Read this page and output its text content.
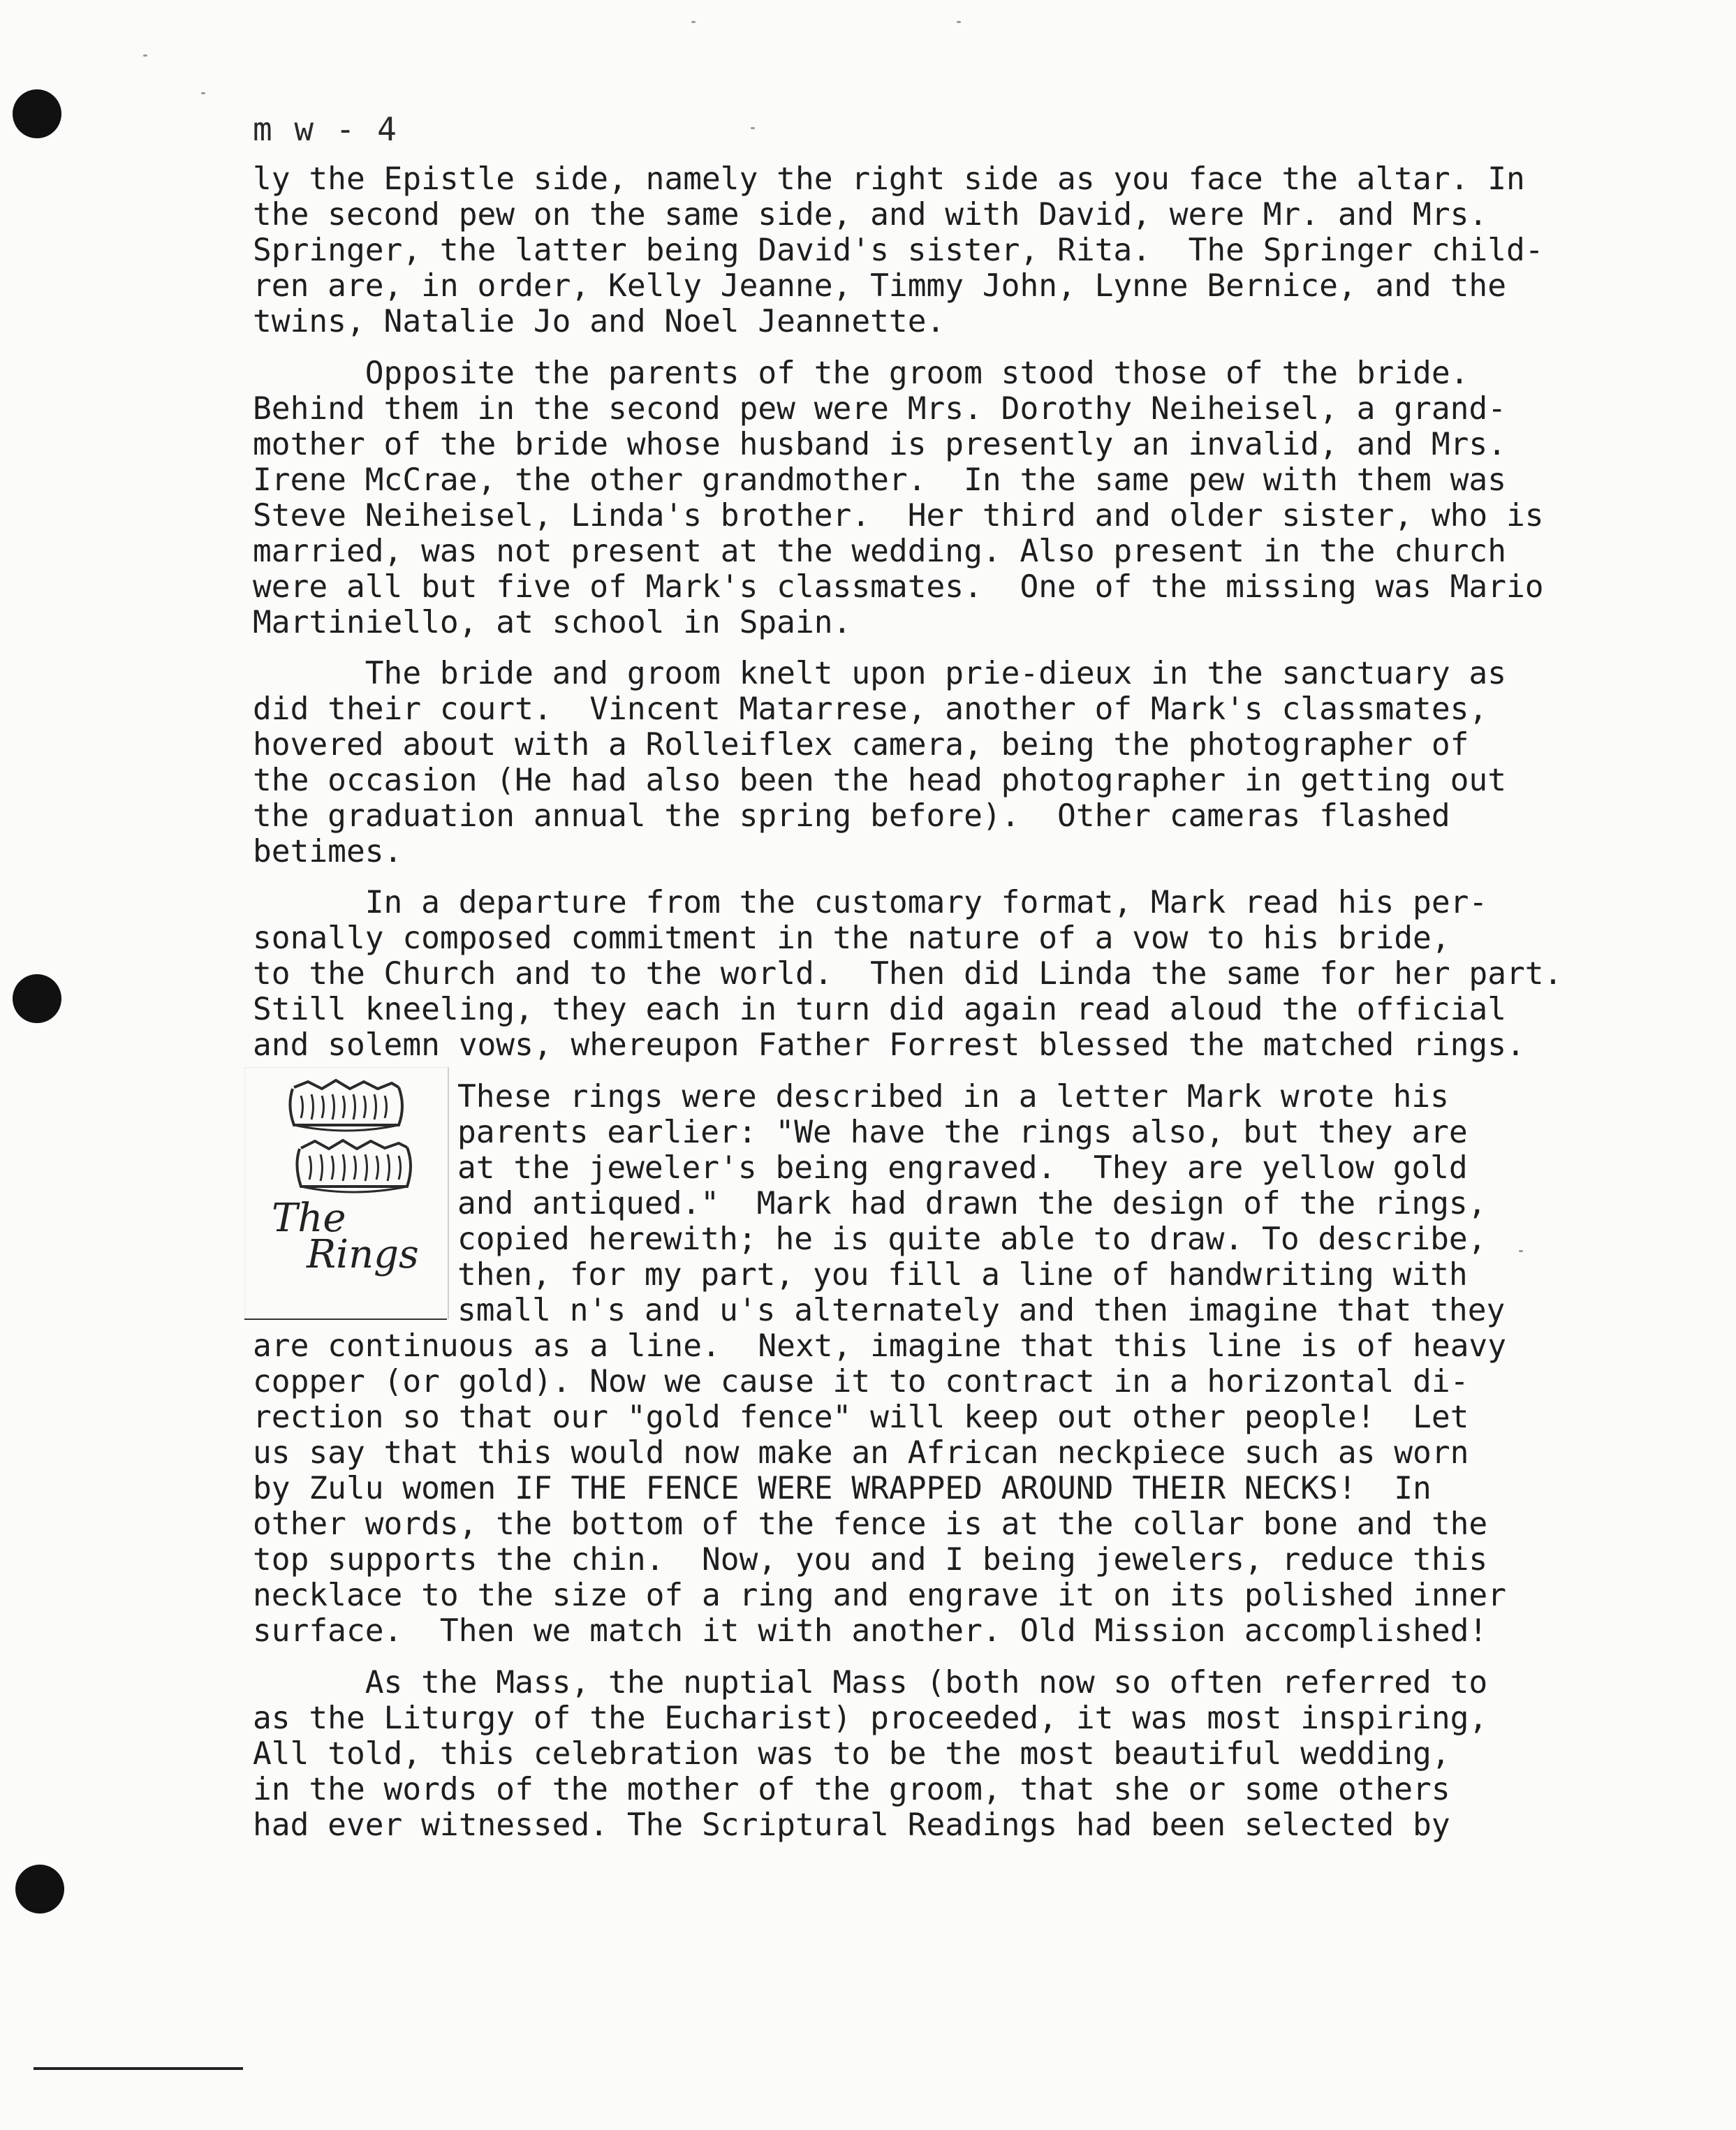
m w - 4
ly the Epistle side, namely the right side as you face the altar. In
the second pew on the same side, and with David, were Mr. and Mrs.
Springer, the latter being David's sister, Rita.  The Springer child-
ren are, in order, Kelly Jeanne, Timmy John, Lynne Bernice, and the
twins, Natalie Jo and Noel Jeannette.
Opposite the parents of the groom stood those of the bride.
Behind them in the second pew were Mrs. Dorothy Neiheisel, a grand-
mother of the bride whose husband is presently an invalid, and Mrs.
Irene McCrae, the other grandmother.  In the same pew with them was
Steve Neiheisel, Linda's brother.  Her third and older sister, who is
married, was not present at the wedding. Also present in the church
were all but five of Mark's classmates.  One of the missing was Mario
Martiniello, at school in Spain.
The bride and groom knelt upon prie-dieux in the sanctuary as
did their court.  Vincent Matarrese, another of Mark's classmates,
hovered about with a Rolleiflex camera, being the photographer of
the occasion (He had also been the head photographer in getting out
the graduation annual the spring before).  Other cameras flashed
betimes.
In a departure from the customary format, Mark read his per-
sonally composed commitment in the nature of a vow to his bride,
to the Church and to the world.  Then did Linda the same for her part.
Still kneeling, they each in turn did again read aloud the official
and solemn vows, whereupon Father Forrest blessed the matched rings.
The
Rings
These rings were described in a letter Mark wrote his
parents earlier: "We have the rings also, but they are
at the jeweler's being engraved.  They are yellow gold
and antiqued."  Mark had drawn the design of the rings,
copied herewith; he is quite able to draw. To describe,
then, for my part, you fill a line of handwriting with
small n's and u's alternately and then imagine that they
are continuous as a line.  Next, imagine that this line is of heavy
copper (or gold). Now we cause it to contract in a horizontal di-
rection so that our "gold fence" will keep out other people!  Let
us say that this would now make an African neckpiece such as worn
by Zulu women IF THE FENCE WERE WRAPPED AROUND THEIR NECKS!  In
other words, the bottom of the fence is at the collar bone and the
top supports the chin.  Now, you and I being jewelers, reduce this
necklace to the size of a ring and engrave it on its polished inner
surface.  Then we match it with another. Old Mission accomplished!
As the Mass, the nuptial Mass (both now so often referred to
as the Liturgy of the Eucharist) proceeded, it was most inspiring,
All told, this celebration was to be the most beautiful wedding,
in the words of the mother of the groom, that she or some others
had ever witnessed. The Scriptural Readings had been selected by
